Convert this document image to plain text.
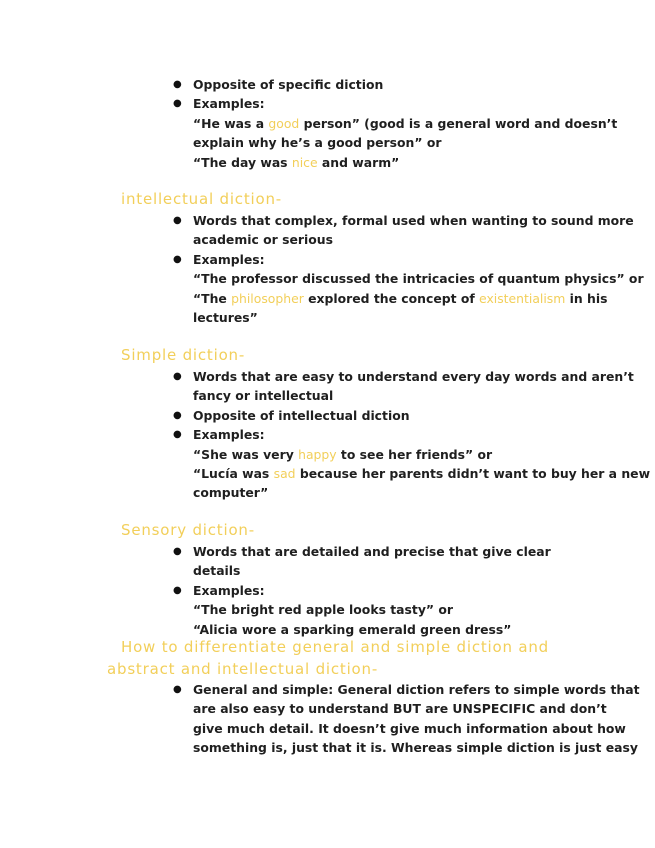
● Opposite of specific diction
● Examples:
“He was a good person” (good is a general word and doesn’t
explain why he’s a good person” or
“The day was nice and warm”
intellectual diction-
● Words that complex, formal used when wanting to sound more
academic or serious
● Examples:
“The professor discussed the intricacies of quantum physics” or
“The philosopher explored the concept of existentialism in his
lectures”
Simple diction-
● Words that are easy to understand every day words and aren’t
fancy or intellectual
● Opposite of intellectual diction
● Examples:
“She was very happy to see her friends” or
“Lucía was sad because her parents didn’t want to buy her a new
computer”
Sensory diction-
● Words that are detailed and precise that give clear details
● Examples:
“The bright red apple looks tasty” or
“Alicia wore a sparking emerald green dress”
How to differentiate general and simple diction and
abstract and intellectual diction-
● General and simple: General diction refers to simple words that
are also easy to understand BUT are UNSPECIFIC and don’t
give much detail. It doesn’t give much information about how
something is, just that it is. Whereas simple diction is just easy
